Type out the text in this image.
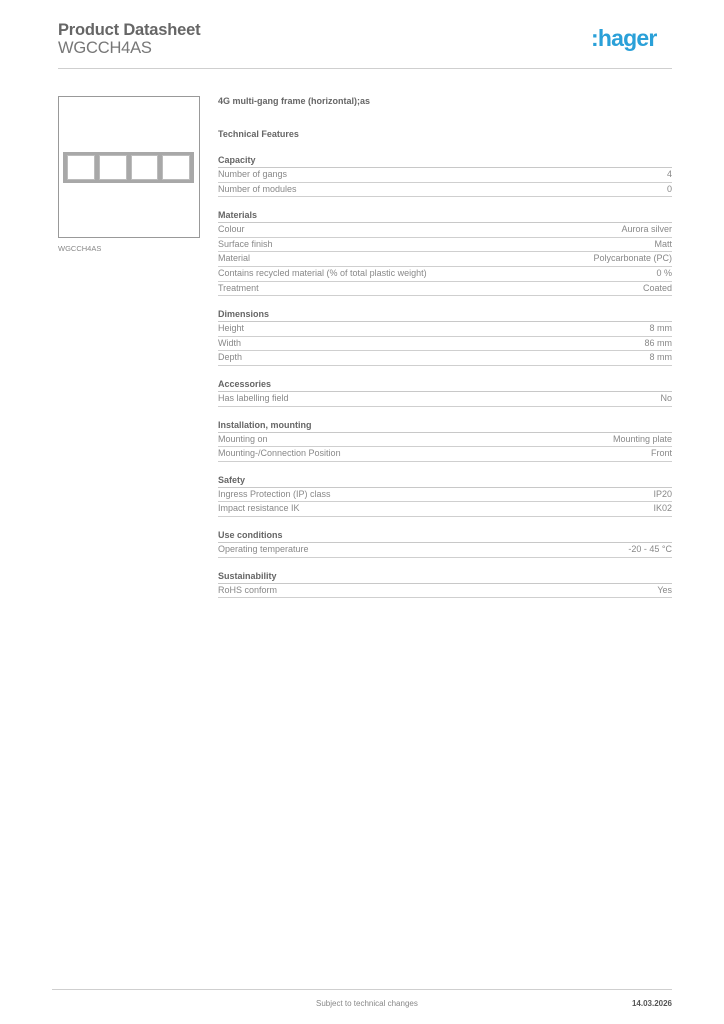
Product Datasheet
WGCCH4AS	:hager
WGCCH4AS
4G multi-gang frame (horizontal);as
Technical Features
Capacity
Number of gangs	4
Number of modules	0
Materials
Colour	Aurora silver
Surface finish	Matt
Material	Polycarbonate (PC)
Contains recycled material (% of total plastic weight)	0 %
Treatment	Coated
Dimensions
Height	8 mm
Width	86 mm
Depth	8 mm
Accessories
Has labelling field	No
Installation, mounting
Mounting on	Mounting plate
Mounting-/Connection Position	Front
Safety
Ingress Protection (IP) class	IP20
Impact resistance IK	IK02
Use conditions
Operating temperature	-20 - 45 °C
Sustainability
RoHS conform	Yes
Subject to technical changes	14.03.2026
